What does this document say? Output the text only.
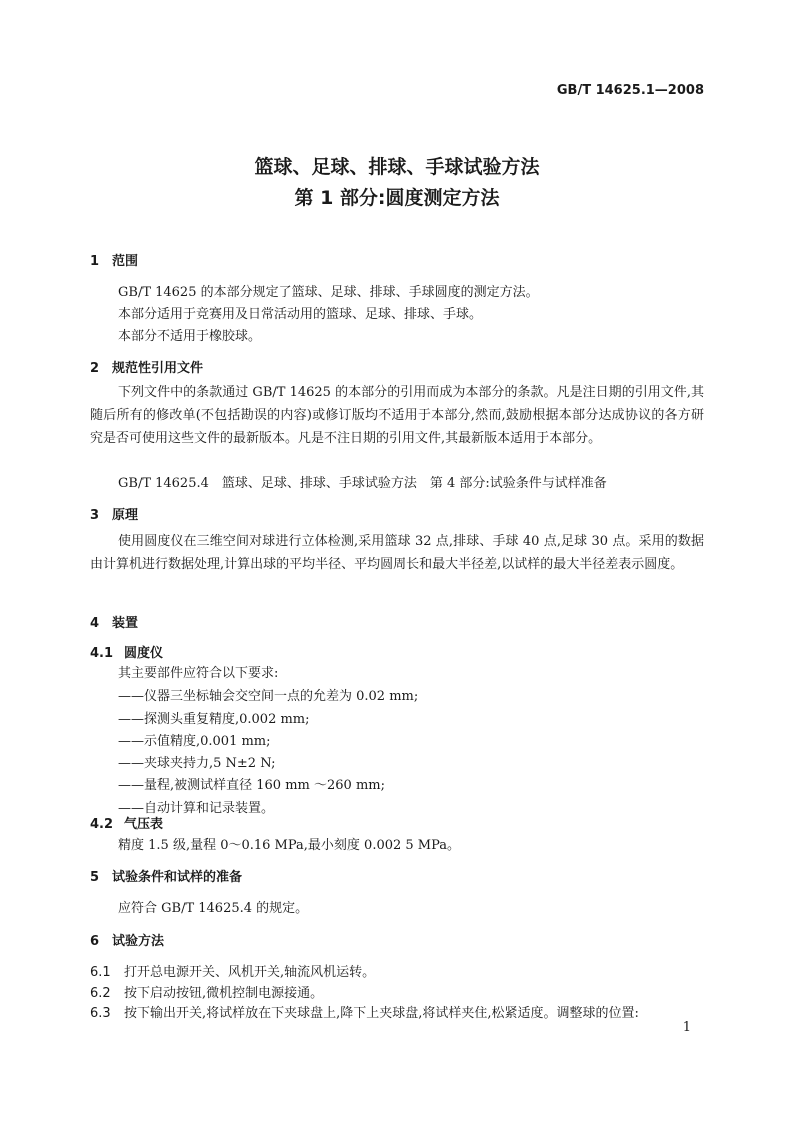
GB/T 14625.1—2008
篮球、足球、排球、手球试验方法
第 1 部分:圆度测定方法
1 范围
GB/T 14625 的本部分规定了篮球、足球、排球、手球圆度的测定方法。
本部分适用于竞赛用及日常活动用的篮球、足球、排球、手球。
本部分不适用于橡胶球。
2 规范性引用文件

下列文件中的条款通过 GB/T 14625 的本部分的引用而成为本部分的条款。凡是注日期的引用文件,其随后所有的修改单(不包括勘误的内容)或修订版均不适用于本部分,然而,鼓励根据本部分达成协议的各方研究是否可使用这些文件的最新版本。凡是不注日期的引用文件,其最新版本适用于本部分。

GB/T 14625.4　篮球、足球、排球、手球试验方法　第 4 部分:试验条件与试样准备
3 原理

使用圆度仪在三维空间对球进行立体检测,采用篮球 32 点,排球、手球 40 点,足球 30 点。采用的数据由计算机进行数据处理,计算出球的平均半径、平均圆周长和最大半径差,以试样的最大半径差表示圆度。

4 装置
4.1 圆度仪
其主要部件应符合以下要求:
——仪器三坐标轴会交空间一点的允差为 0.02 mm;
——探测头重复精度,0.002 mm;
——示值精度,0.001 mm;
——夹球夹持力,5 N±2 N;
——量程,被测试样直径 160 mm ～260 mm;
——自动计算和记录装置。
4.2 气压表
精度 1.5 级,量程 0～0.16 MPa,最小刻度 0.002 5 MPa。
5 试验条件和试样的准备
应符合 GB/T 14625.4 的规定。
6 试验方法
6.1 打开总电源开关、风机开关,轴流风机运转。
6.2 按下启动按钮,微机控制电源接通。
6.3 按下输出开关,将试样放在下夹球盘上,降下上夹球盘,将试样夹住,松紧适度。调整球的位置:
1
